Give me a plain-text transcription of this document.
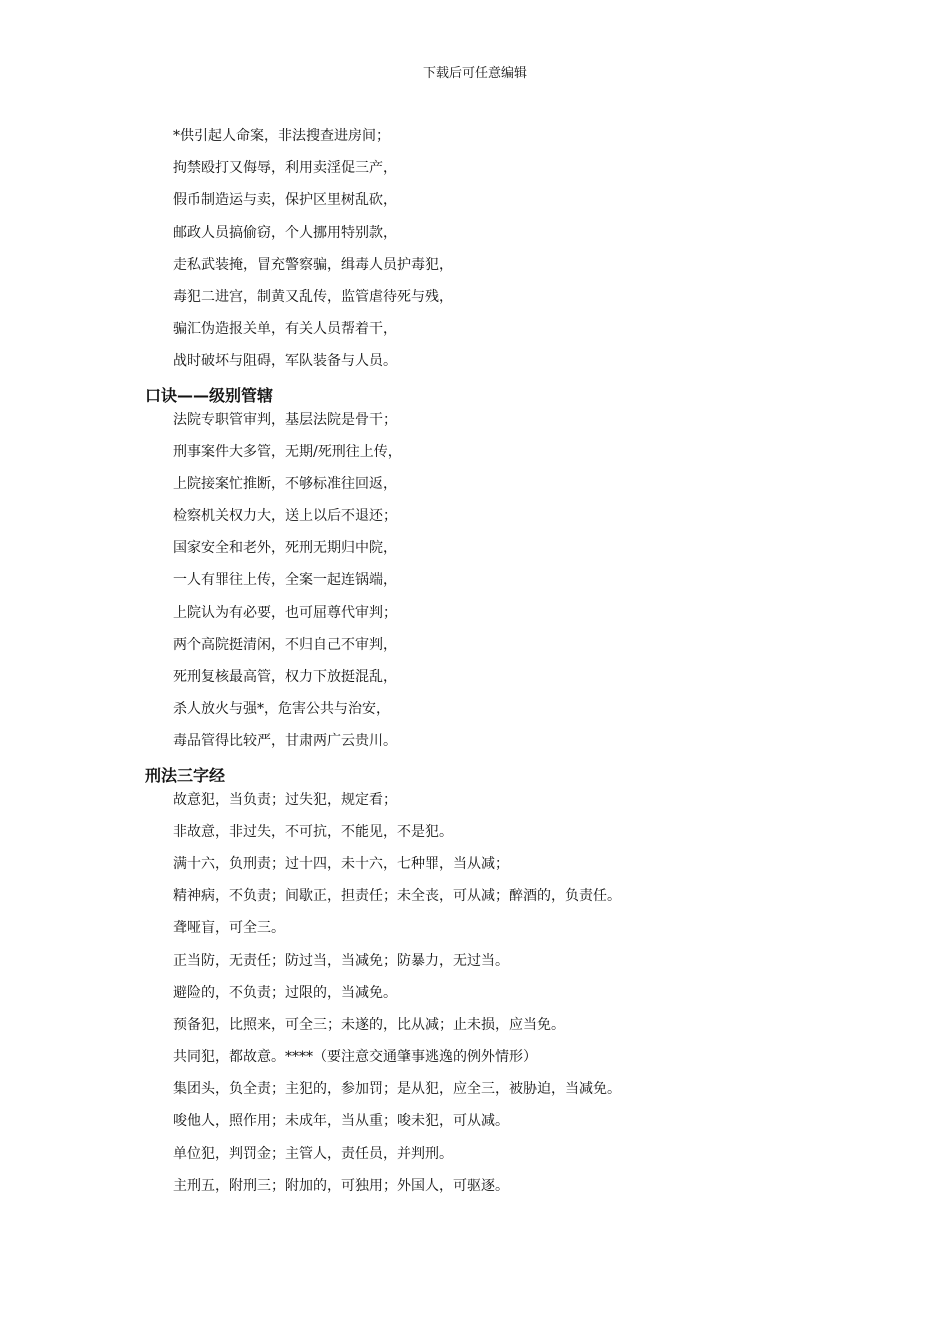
下载后可任意编辑
*供引起人命案，非法搜查进房间；
拘禁殴打又侮辱，利用卖淫促三产，
假币制造运与卖，保护区里树乱砍，
邮政人员搞偷窃，个人挪用特别款，
走私武装掩，冒充警察骗，缉毒人员护毒犯，
毒犯二进宫，制黄又乱传，监管虐待死与残，
骗汇伪造报关单，有关人员帮着干，
战时破坏与阻碍，军队装备与人员。
口诀——级别管辖
法院专职管审判，基层法院是骨干；
刑事案件大多管，无期/死刑往上传，
上院接案忙推断，不够标准往回返，
检察机关权力大，送上以后不退还；
国家安全和老外，死刑无期归中院，
一人有罪往上传，全案一起连锅端，
上院认为有必要，也可屈尊代审判；
两个高院挺清闲，不归自己不审判，
死刑复核最高管，权力下放挺混乱，
杀人放火与强*，危害公共与治安，
毒品管得比较严，甘肃两广云贵川。
刑法三字经
故意犯，当负责；过失犯，规定看；
非故意，非过失，不可抗，不能见，不是犯。
满十六，负刑责；过十四，未十六，七种罪，当从减；
精神病，不负责；间歇正，担责任；未全丧，可从减；醉酒的，负责任。
聋哑盲，可全三。
正当防，无责任；防过当，当减免；防暴力，无过当。
避险的，不负责；过限的，当减免。
预备犯，比照来，可全三；未遂的，比从减；止未损，应当免。
共同犯，都故意。****（要注意交通肇事逃逸的例外情形）
集团头，负全责；主犯的，参加罚；是从犯，应全三，被胁迫，当减免。
唆他人，照作用；未成年，当从重；唆未犯，可从减。
单位犯，判罚金；主管人，责任员，并判刑。
主刑五，附刑三；附加的，可独用；外国人，可驱逐。
